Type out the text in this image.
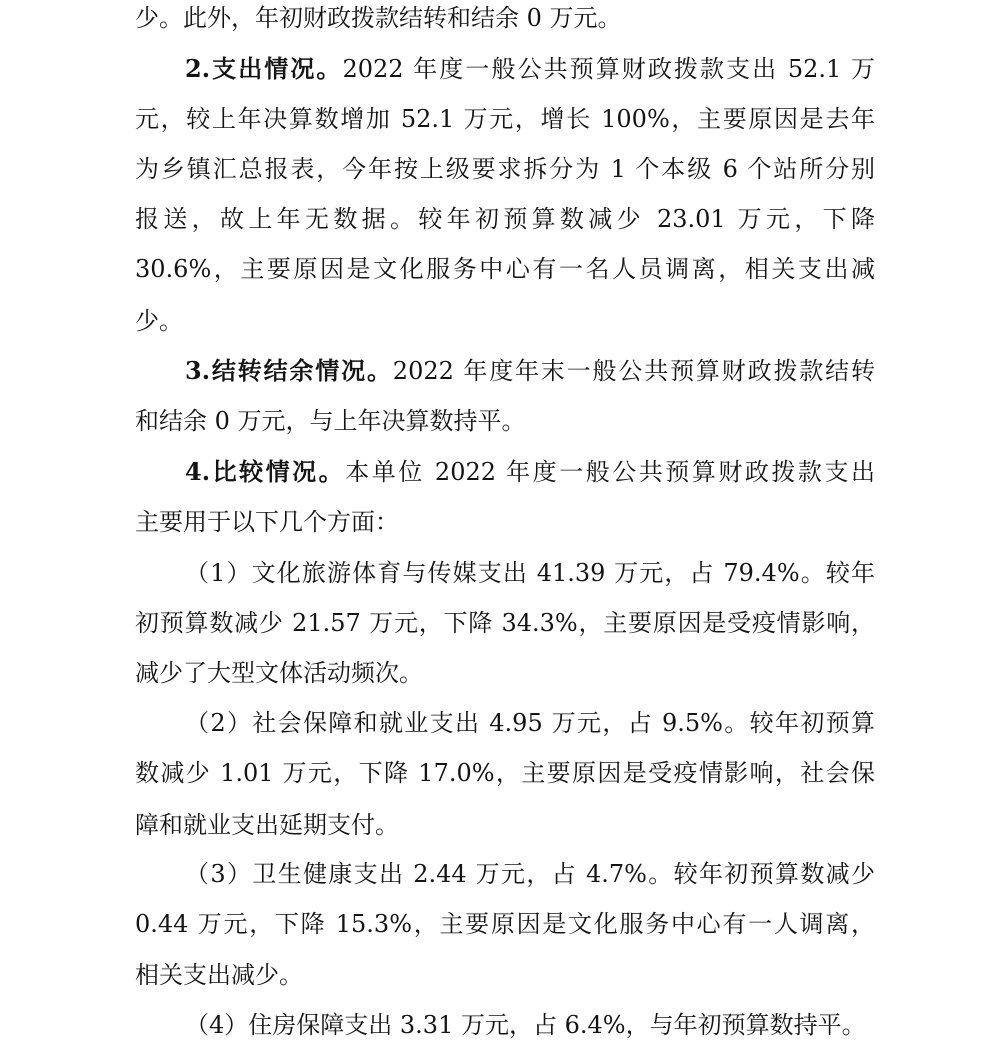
少。此外，年初财政拨款结转和结余 0 万元。
2.支出情况。2022 年度一般公共预算财政拨款支出 52.1 万
元，较上年决算数增加 52.1 万元，增长 100%，主要原因是去年
为乡镇汇总报表，今年按上级要求拆分为 1 个本级 6 个站所分别
报送，故上年无数据。较年初预算数减少 23.01 万元，下降
30.6%，主要原因是文化服务中心有一名人员调离，相关支出减
少。
3.结转结余情况。2022 年度年末一般公共预算财政拨款结转
和结余 0 万元，与上年决算数持平。
4.比较情况。本单位 2022 年度一般公共预算财政拨款支出
主要用于以下几个方面：
（1）文化旅游体育与传媒支出 41.39 万元，占 79.4%。较年
初预算数减少 21.57 万元，下降 34.3%，主要原因是受疫情影响，
减少了大型文体活动频次。
（2）社会保障和就业支出 4.95 万元，占 9.5%。较年初预算
数减少 1.01 万元，下降 17.0%，主要原因是受疫情影响，社会保
障和就业支出延期支付。
（3）卫生健康支出 2.44 万元，占 4.7%。较年初预算数减少
0.44 万元，下降 15.3%，主要原因是文化服务中心有一人调离，
相关支出减少。
（4）住房保障支出 3.31 万元，占 6.4%，与年初预算数持平。
